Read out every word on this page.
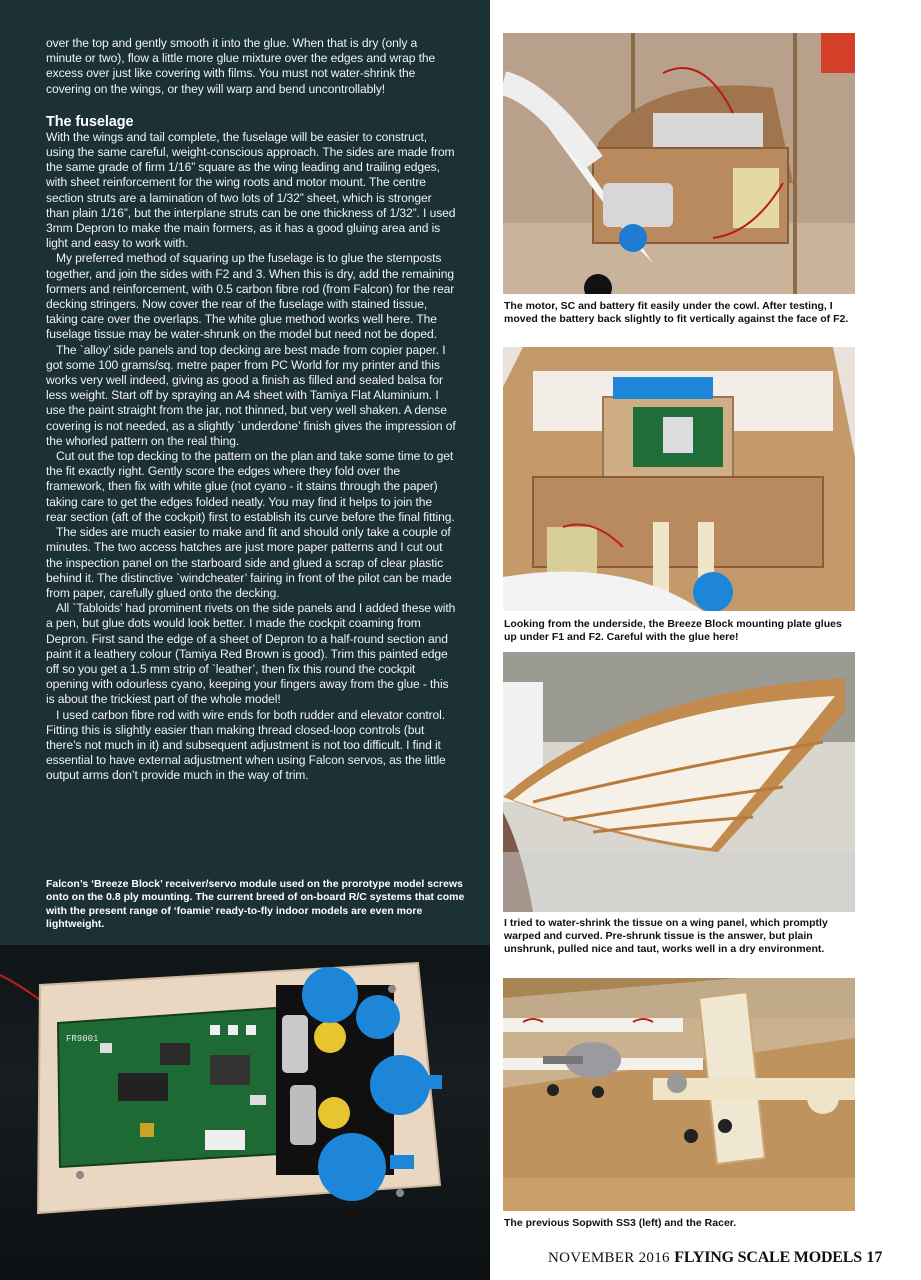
over the top and gently smooth it into the glue. When that is dry (only a minute or two), flow a little more glue mixture over the edges and wrap the excess over just like covering with films. You must not water-shrink the covering on the wings, or they will warp and bend uncontrollably!

The fuselage

With the wings and tail complete, the fuselage will be easier to construct, using the same careful, weight-conscious approach. The sides are made from the same grade of firm 1/16” square as the wing leading and trailing edges, with sheet reinforcement for the wing roots and motor mount. The centre section struts are a lamination of two lots of 1/32” sheet, which is stronger than plain 1/16”, but the interplane struts can be one thickness of 1/32”. I used 3mm Depron to make the main formers, as it has a good gluing area and is light and easy to work with.

My preferred method of squaring up the fuselage is to glue the sternposts together, and join the sides with F2 and 3. When this is dry, add the remaining formers and reinforcement, with 0.5 carbon fibre rod (from Falcon) for the rear decking stringers. Now cover the rear of the fuselage with stained tissue, taking care over the overlaps. The white glue method works well here. The fuselage tissue may be water-shrunk on the model but need not be doped.

The `alloy’ side panels and top decking are best made from copier paper. I got some 100 grams/sq. metre paper from PC World for my printer and this works very well indeed, giving as good a finish as filled and sealed balsa for less weight. Start off by spraying an A4 sheet with Tamiya Flat Aluminium. I use the paint straight from the jar, not thinned, but very well shaken. A dense covering is not needed, as a slightly `underdone’ finish gives the impression of the whorled pattern on the real thing.

Cut out the top decking to the pattern on the plan and take some time to get the fit exactly right. Gently score the edges where they fold over the framework, then fix with white glue (not cyano - it stains through the paper) taking care to get the edges folded neatly. You may find it helps to join the rear section (aft of the cockpit) first to establish its curve before the final fitting.

The sides are much easier to make and fit and should only take a couple of minutes. The two access hatches are just more paper patterns and I cut out the inspection panel on the starboard side and glued a scrap of clear plastic behind it. The distinctive `windcheater’ fairing in front of the pilot can be made from paper, carefully glued onto the decking.

All `Tabloids’ had prominent rivets on the side panels and I added these with a pen, but glue dots would look better. I made the cockpit coaming from Depron. First sand the edge of a sheet of Depron to a half-round section and paint it a leathery colour (Tamiya Red Brown is good). Trim this painted edge off so you get a 1.5 mm strip of `leather’, then fix this round the cockpit opening with odourless cyano, keeping your fingers away from the glue - this is about the trickiest part of the whole model!

I used carbon fibre rod with wire ends for both rudder and elevator control. Fitting this is slightly easier than making thread closed-loop controls (but there’s not much in it) and subsequent adjustment is not too difficult. I find it essential to have external adjustment when using Falcon servos, as the little output arms don’t provide much in the way of trim.

Falcon’s ‘Breeze Block’ receiver/servo module used on the prorotype model screws onto on the 0.8 ply mounting. The current breed of on-board R/C systems that come with the present range of ‘foamie’ ready-to-fly indoor models are even more lightweight.
FR9001
The motor, SC and battery fit easily under the cowl. After testing, I moved the battery back slightly to fit vertically against the face of F2.
Looking from the underside, the Breeze Block mounting plate glues up under F1 and F2. Careful with the glue here!
I tried to water-shrink the tissue on a wing panel, which promptly warped and curved. Pre-shrunk tissue is the answer, but plain unshrunk, pulled nice and taut, works well in a dry environment.
The previous Sopwith SS3 (left) and the Racer.
NOVEMBER 2016 FLYING SCALE MODELS 17
